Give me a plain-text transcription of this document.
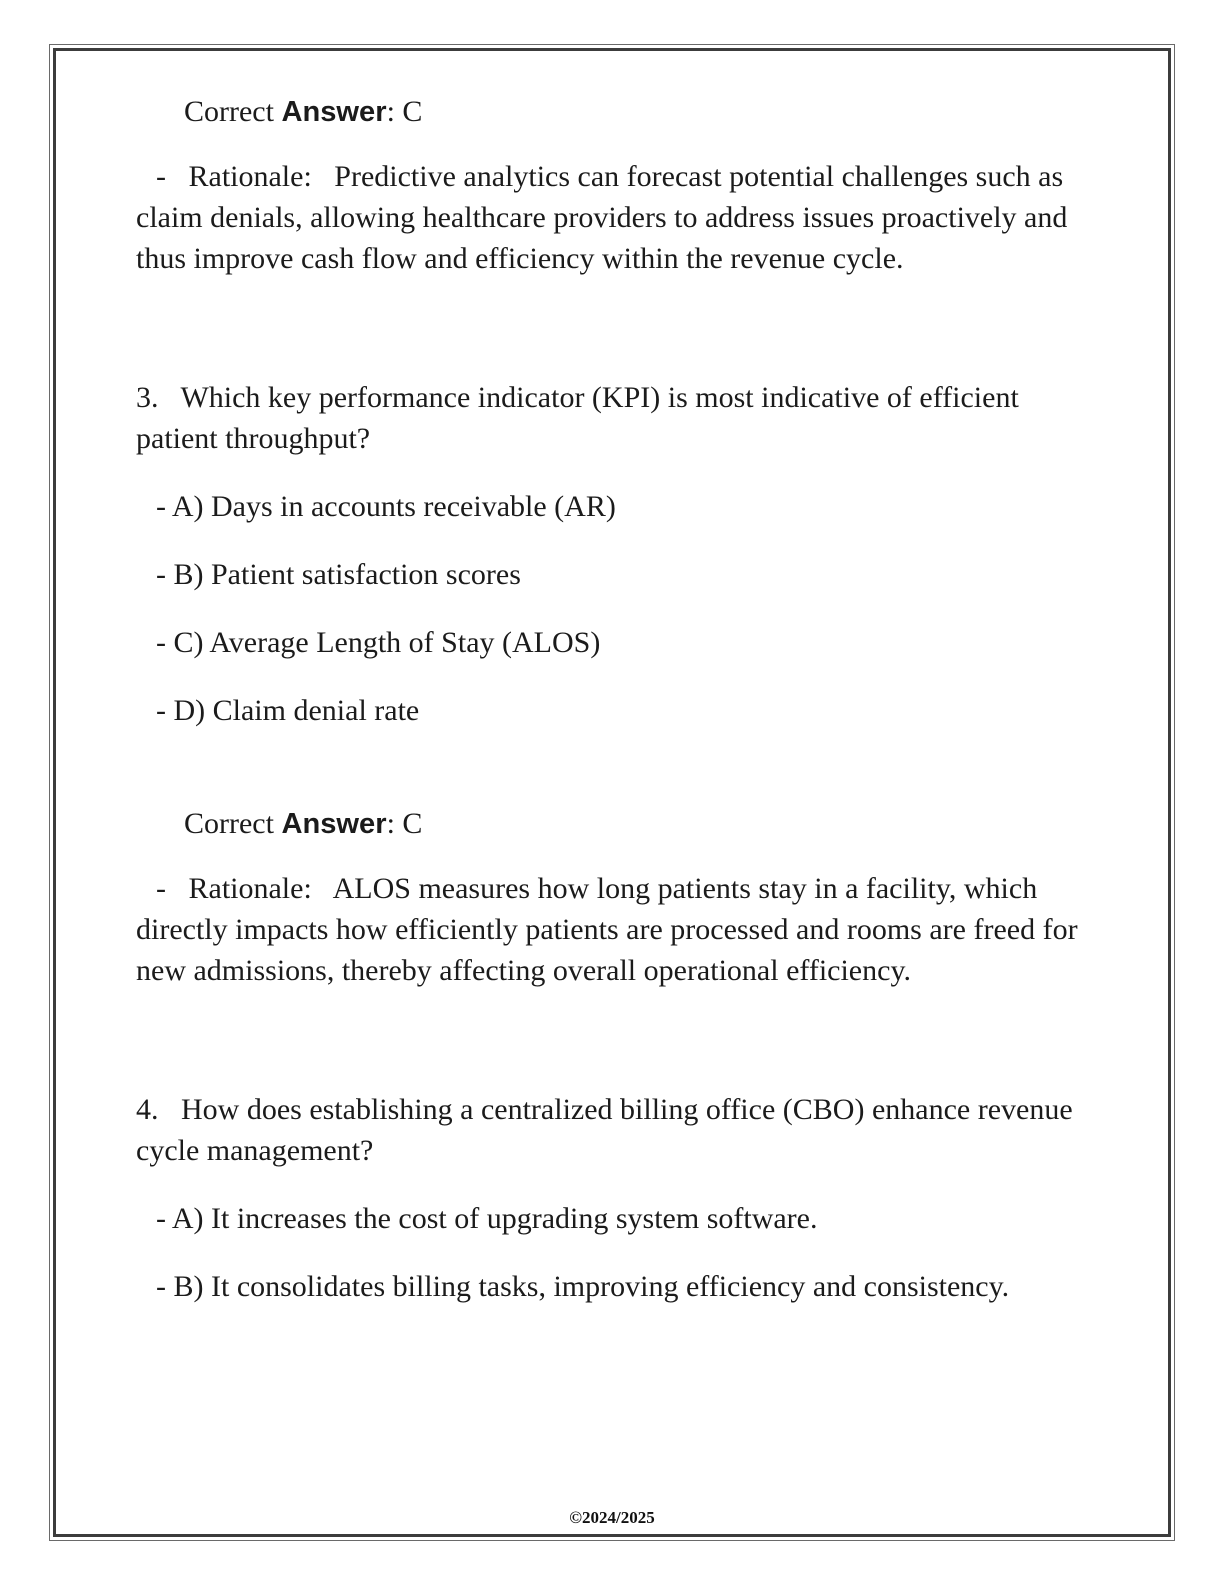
Correct Answer: C

-   Rationale:   Predictive analytics can forecast potential challenges such as claim denials, allowing healthcare providers to address issues proactively and thus improve cash flow and efficiency within the revenue cycle.

3.   Which key performance indicator (KPI) is most indicative of efficient patient throughput?

- A) Days in accounts receivable (AR)

- B) Patient satisfaction scores

- C) Average Length of Stay (ALOS)

- D) Claim denial rate

Correct Answer: C

-   Rationale:   ALOS measures how long patients stay in a facility, which directly impacts how efficiently patients are processed and rooms are freed for new admissions, thereby affecting overall operational efficiency.

4.   How does establishing a centralized billing office (CBO) enhance revenue cycle management?

- A) It increases the cost of upgrading system software.

- B) It consolidates billing tasks, improving efficiency and consistency.

©2024/2025
